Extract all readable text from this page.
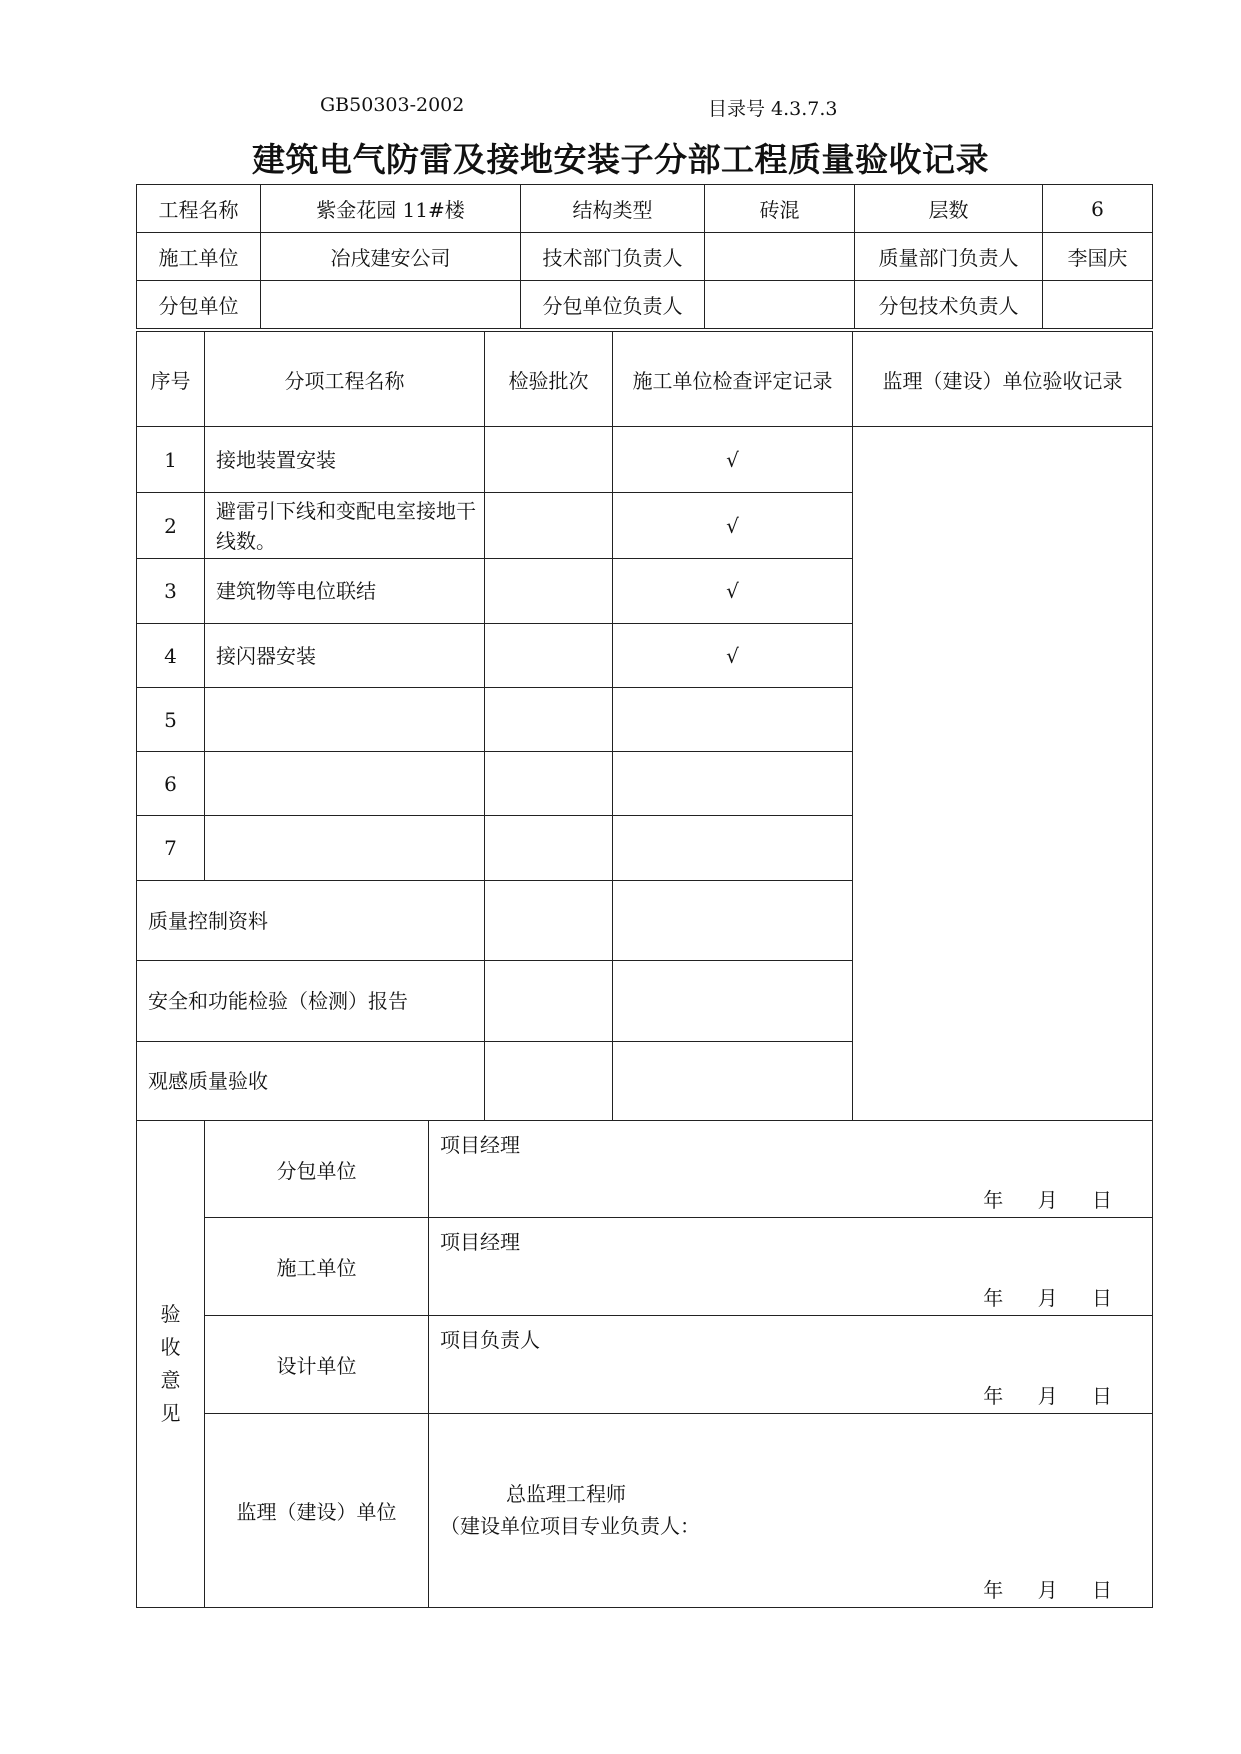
GB50303-2002	目录号 4.3.7.3
建筑电气防雷及接地安装子分部工程质量验收记录
工程名称	紫金花园 11#楼	结构类型	砖混	层数	6
施工单位	冶戌建安公司	技术部门负责人		质量部门负责人	李国庆
分包单位		分包单位负责人		分包技术负责人	
序号	分项工程名称	检验批次	施工单位检查评定记录	监理（建设）单位验收记录
1	接地装置安装		√	
2	避雷引下线和变配电室接地干线数。		√	
3	建筑物等电位联结		√	
4	接闪器安装		√	
5				
6				
7				
质量控制资料				
安全和功能检验（检测）报告				
观感质量验收				
验
收
意
见	分包单位	项目经理
年 月 日

	施工单位	项目经理
年 月 日

	设计单位	项目负责人
年 月 日

	监理（建设）单位	总监理工程师
（建设单位项目专业负责人：
年 月 日
